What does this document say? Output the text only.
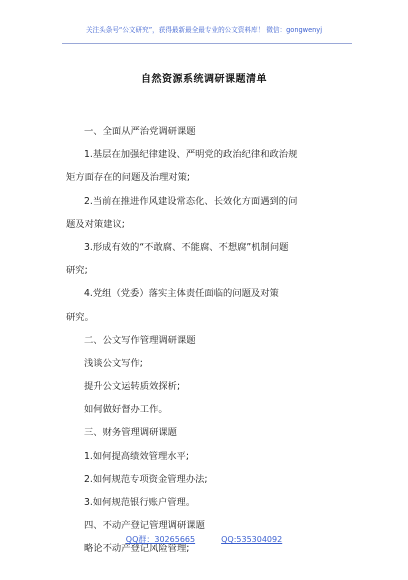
关注头条号“公文研究”，获得最新最全最专业的公文资料库！ 微信：gongwenyj
自然资源系统调研课题清单
一、全面从严治党调研课题
1.基层在加强纪律建设、严明党的政治纪律和政治规
矩方面存在的问题及治理对策;
2.当前在推进作风建设常态化、长效化方面遇到的问
题及对策建议;
3.形成有效的“不敢腐、不能腐、不想腐”机制问题
研究;
4.党组（党委）落实主体责任面临的问题及对策
研究。
二、公文写作管理调研课题
浅谈公文写作;
提升公文运转质效探析;
如何做好督办工作。
三、财务管理调研课题
1.如何提高绩效管理水平;
2.如何规范专项资金管理办法;
3.如何规范银行账户管理。
四、不动产登记管理调研课题
略论不动产登记风险管理;
QQ群：30265665	QQ:535304092
